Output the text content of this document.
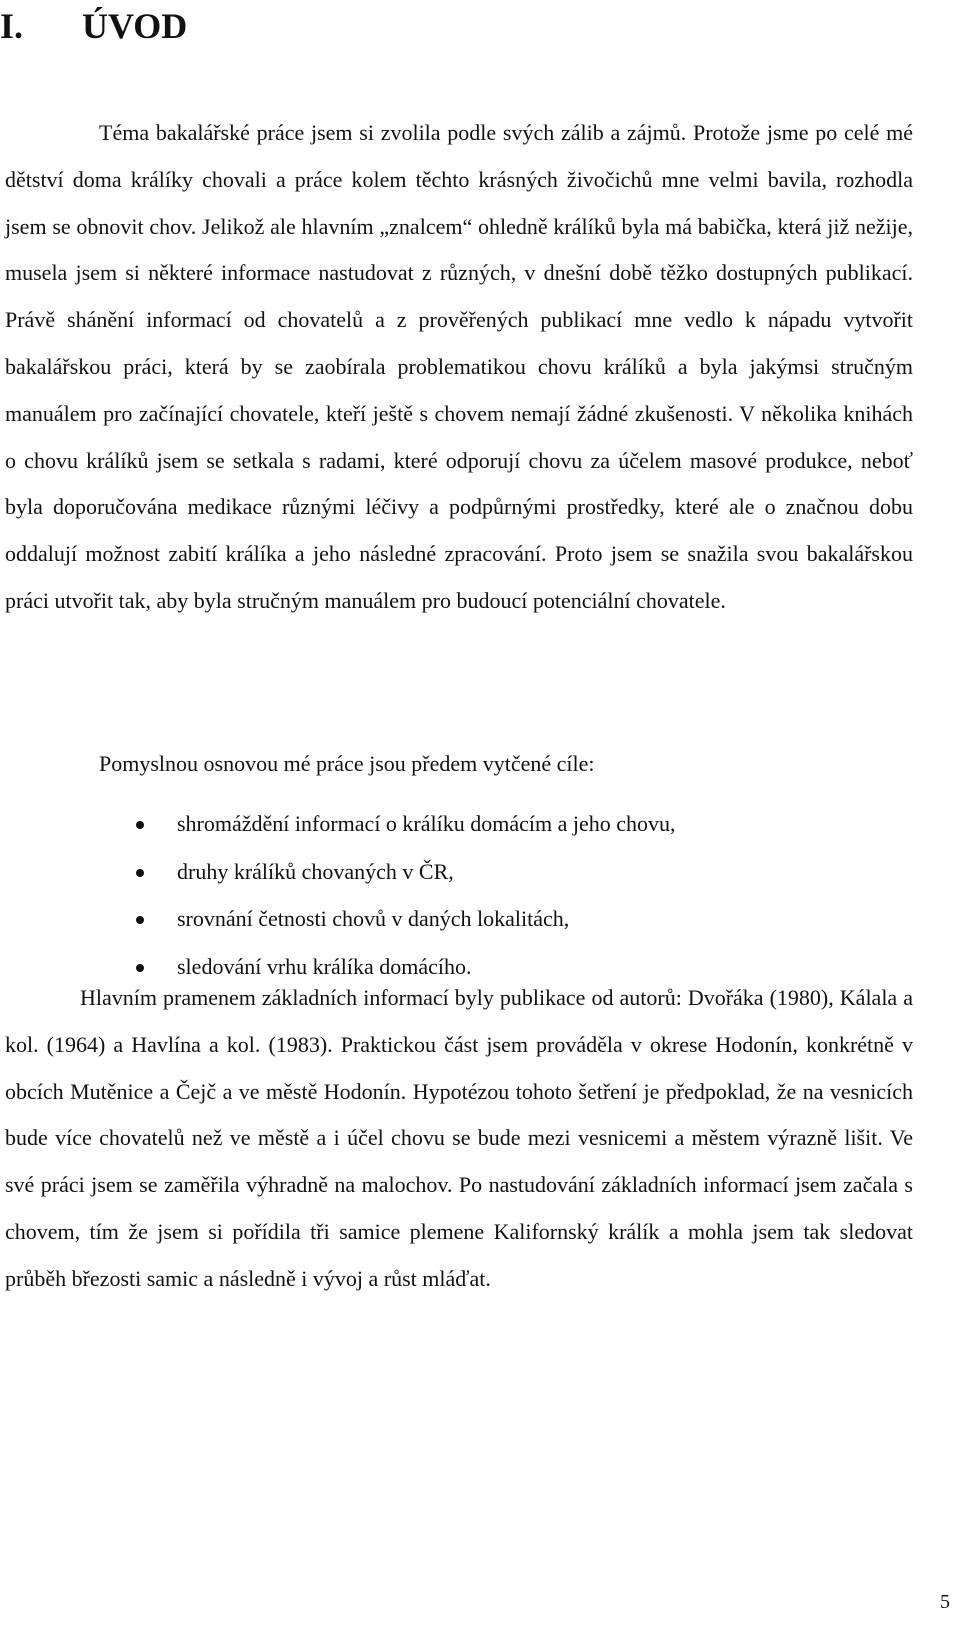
I. ÚVOD

Téma bakalářské práce jsem si zvolila podle svých zálib a zájmů. Protože jsme po celé mé dětství doma králíky chovali a práce kolem těchto krásných živočichů mne velmi bavila, rozhodla jsem se obnovit chov. Jelikož ale hlavním „znalcem“ ohledně králíků byla má babička, která již nežije, musela jsem si některé informace nastudovat z různých, v dnešní době těžko dostupných publikací. Právě shánění informací od chovatelů a z prověřených publikací mne vedlo k nápadu vytvořit bakalářskou práci, která by se zaobírala problematikou chovu králíků a byla jakýmsi stručným manuálem pro začínající chovatele, kteří ještě s chovem nemají žádné zkušenosti. V několika knihách o chovu králíků jsem se setkala s radami, které odporují chovu za účelem masové produkce, neboť byla doporučována medikace různými léčivy a podpůrnými prostředky, které ale o značnou dobu oddalují možnost zabití králíka a jeho následné zpracování. Proto jsem se snažila svou bakalářskou práci utvořit tak, aby byla stručným manuálem pro budoucí potenciální chovatele.

Pomyslnou osnovou mé práce jsou předem vytčené cíle:

shromáždění informací o králíku domácím a jeho chovu,
druhy králíků chovaných v ČR,
srovnání četnosti chovů v daných lokalitách,
sledování vrhu králíka domácího.

Hlavním pramenem základních informací byly publikace od autorů: Dvořáka (1980), Kálala a kol. (1964) a Havlína a kol. (1983). Praktickou část jsem prováděla v okrese Hodonín, konkrétně v obcích Mutěnice a Čejč a ve městě Hodonín. Hypotézou tohoto šetření je předpoklad, že na vesnicích bude více chovatelů než ve městě a i účel chovu se bude mezi vesnicemi a městem výrazně lišit. Ve své práci jsem se zaměřila výhradně na malochov. Po nastudování základních informací jsem začala s chovem, tím že jsem si pořídila tři samice plemene Kalifornský králík a mohla jsem tak sledovat průběh březosti samic a následně i vývoj a růst mláďat.

5
